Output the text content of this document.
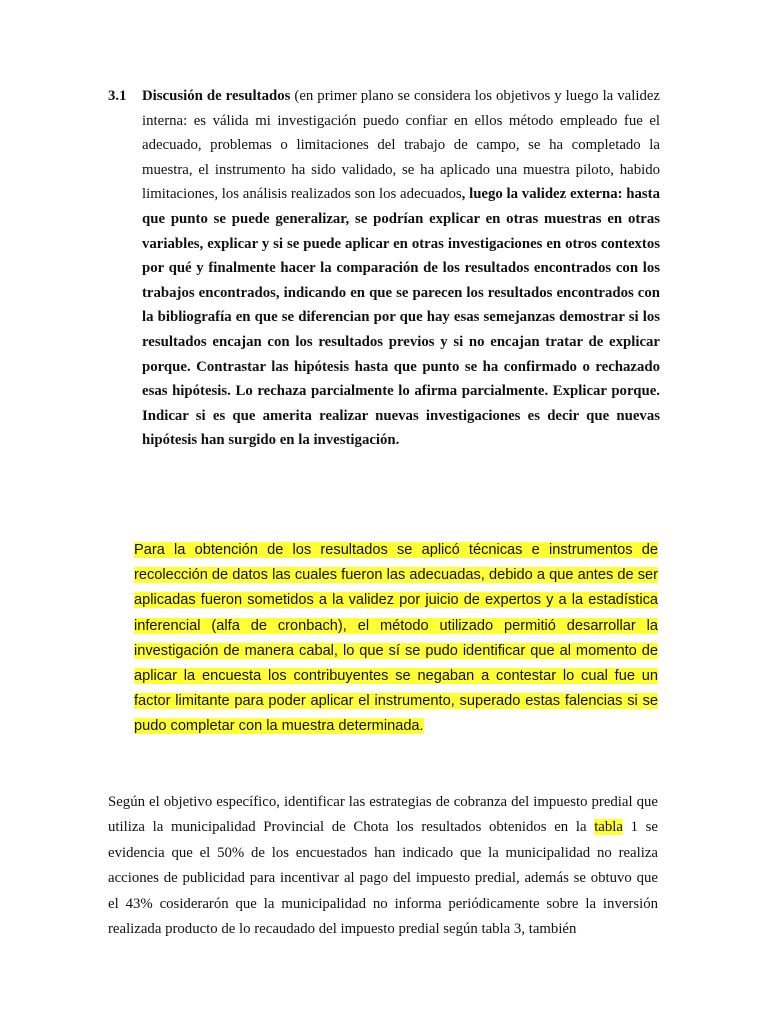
3.1 Discusión de resultados (en primer plano se considera los objetivos y luego la validez interna: es válida mi investigación puedo confiar en ellos método empleado fue el adecuado, problemas o limitaciones del trabajo de campo, se ha completado la muestra, el instrumento ha sido validado, se ha aplicado una muestra piloto, habido limitaciones, los análisis realizados son los adecuados, luego la validez externa: hasta que punto se puede generalizar, se podrían explicar en otras muestras en otras variables, explicar y si se puede aplicar en otras investigaciones en otros contextos por qué y finalmente hacer la comparación de los resultados encontrados con los trabajos encontrados, indicando en que se parecen los resultados encontrados con la bibliografía en que se diferencian por que hay esas semejanzas demostrar si los resultados encajan con los resultados previos y si no encajan tratar de explicar porque. Contrastar las hipótesis hasta que punto se ha confirmado o rechazado esas hipótesis. Lo rechaza parcialmente lo afirma parcialmente. Explicar porque. Indicar si es que amerita realizar nuevas investigaciones es decir que nuevas hipótesis han surgido en la investigación.
Para la obtención de los resultados se aplicó técnicas e instrumentos de recolección de datos las cuales fueron las adecuadas, debido a que antes de ser aplicadas fueron sometidos a la validez por juicio de expertos y a la estadística inferencial (alfa de cronbach), el método utilizado permitió desarrollar la investigación de manera cabal, lo que sí se pudo identificar que al momento de aplicar la encuesta los contribuyentes se negaban a contestar lo cual fue un factor limitante para poder aplicar el instrumento, superado estas falencias si se pudo completar con la muestra determinada.
Según el objetivo específico, identificar las estrategias de cobranza del impuesto predial que utiliza la municipalidad Provincial de Chota los resultados obtenidos en la tabla 1 se evidencia que el 50% de los encuestados han indicado que la municipalidad no realiza acciones de publicidad para incentivar al pago del impuesto predial, además se obtuvo que el 43% cosiderarón que la municipalidad no informa periódicamente sobre la inversión realizada producto de lo recaudado del impuesto predial según tabla 3, también
